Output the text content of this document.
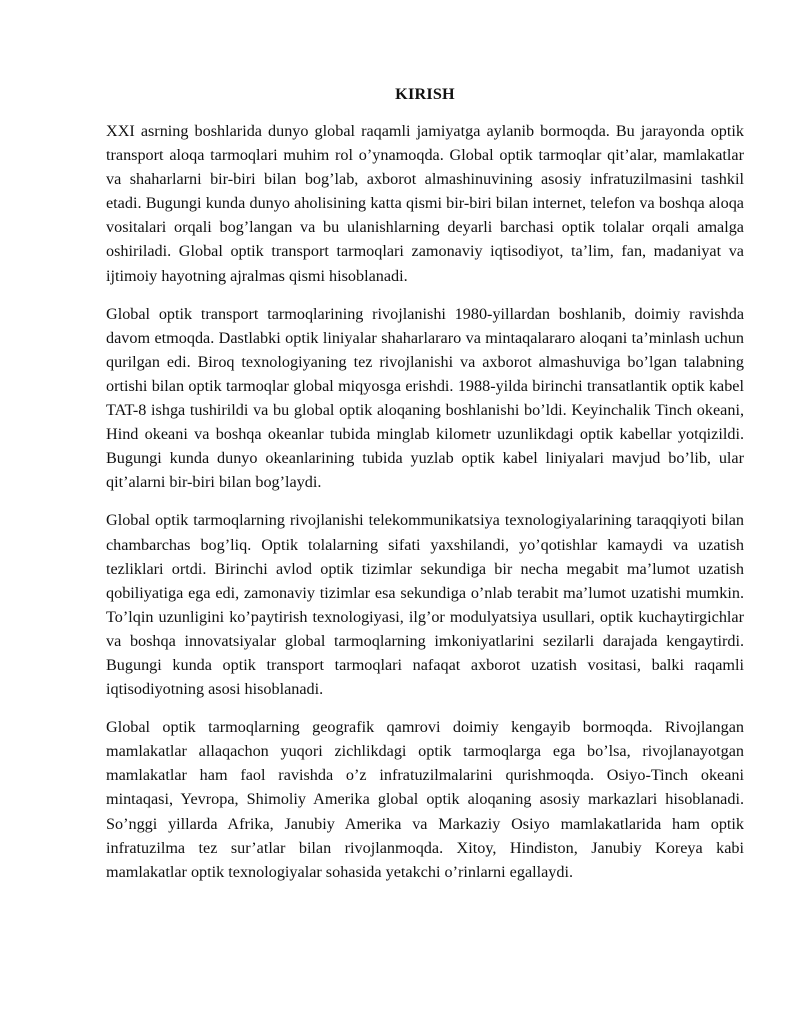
KIRISH

XXI asrning boshlarida dunyo global raqamli jamiyatga aylanib bormoqda. Bu jarayonda optik transport aloqa tarmoqlari muhim rol o’ynamoqda. Global optik tarmoqlar qit’alar, mamlakatlar va shaharlarni bir-biri bilan bog’lab, axborot almashinuvining asosiy infratuzilmasini tashkil etadi. Bugungi kunda dunyo aholisining katta qismi bir-biri bilan internet, telefon va boshqa aloqa vositalari orqali bog’langan va bu ulanishlarning deyarli barchasi optik tolalar orqali amalga oshiriladi. Global optik transport tarmoqlari zamonaviy iqtisodiyot, ta’lim, fan, madaniyat va ijtimoiy hayotning ajralmas qismi hisoblanadi.

Global optik transport tarmoqlarining rivojlanishi 1980-yillardan boshlanib, doimiy ravishda davom etmoqda. Dastlabki optik liniyalar shaharlararo va mintaqalararo aloqani ta’minlash uchun qurilgan edi. Biroq texnologiyaning tez rivojlanishi va axborot almashuviga bo’lgan talabning ortishi bilan optik tarmoqlar global miqyosga erishdi. 1988-yilda birinchi transatlantik optik kabel TAT-8 ishga tushirildi va bu global optik aloqaning boshlanishi bo’ldi. Keyinchalik Tinch okeani, Hind okeani va boshqa okeanlar tubida minglab kilometr uzunlikdagi optik kabellar yotqizildi. Bugungi kunda dunyo okeanlarining tubida yuzlab optik kabel liniyalari mavjud bo’lib, ular qit’alarni bir-biri bilan bog’laydi.

Global optik tarmoqlarning rivojlanishi telekommunikatsiya texnologiyalarining taraqqiyoti bilan chambarchas bog’liq. Optik tolalarning sifati yaxshilandi, yo’qotishlar kamaydi va uzatish tezliklari ortdi. Birinchi avlod optik tizimlar sekundiga bir necha megabit ma’lumot uzatish qobiliyatiga ega edi, zamonaviy tizimlar esa sekundiga o’nlab terabit ma’lumot uzatishi mumkin. To’lqin uzunligini ko’paytirish texnologiyasi, ilg’or modulyatsiya usullari, optik kuchaytirgichlar va boshqa innovatsiyalar global tarmoqlarning imkoniyatlarini sezilarli darajada kengaytirdi. Bugungi kunda optik transport tarmoqlari nafaqat axborot uzatish vositasi, balki raqamli iqtisodiyotning asosi hisoblanadi.

Global optik tarmoqlarning geografik qamrovi doimiy kengayib bormoqda. Rivojlangan mamlakatlar allaqachon yuqori zichlikdagi optik tarmoqlarga ega bo’lsa, rivojlanayotgan mamlakatlar ham faol ravishda o’z infratuzilmalarini qurishmoqda. Osiyo-Tinch okeani mintaqasi, Yevropa, Shimoliy Amerika global optik aloqaning asosiy markazlari hisoblanadi. So’nggi yillarda Afrika, Janubiy Amerika va Markaziy Osiyo mamlakatlarida ham optik infratuzilma tez sur’atlar bilan rivojlanmoqda. Xitoy, Hindiston, Janubiy Koreya kabi mamlakatlar optik texnologiyalar sohasida yetakchi o’rinlarni egallaydi.
